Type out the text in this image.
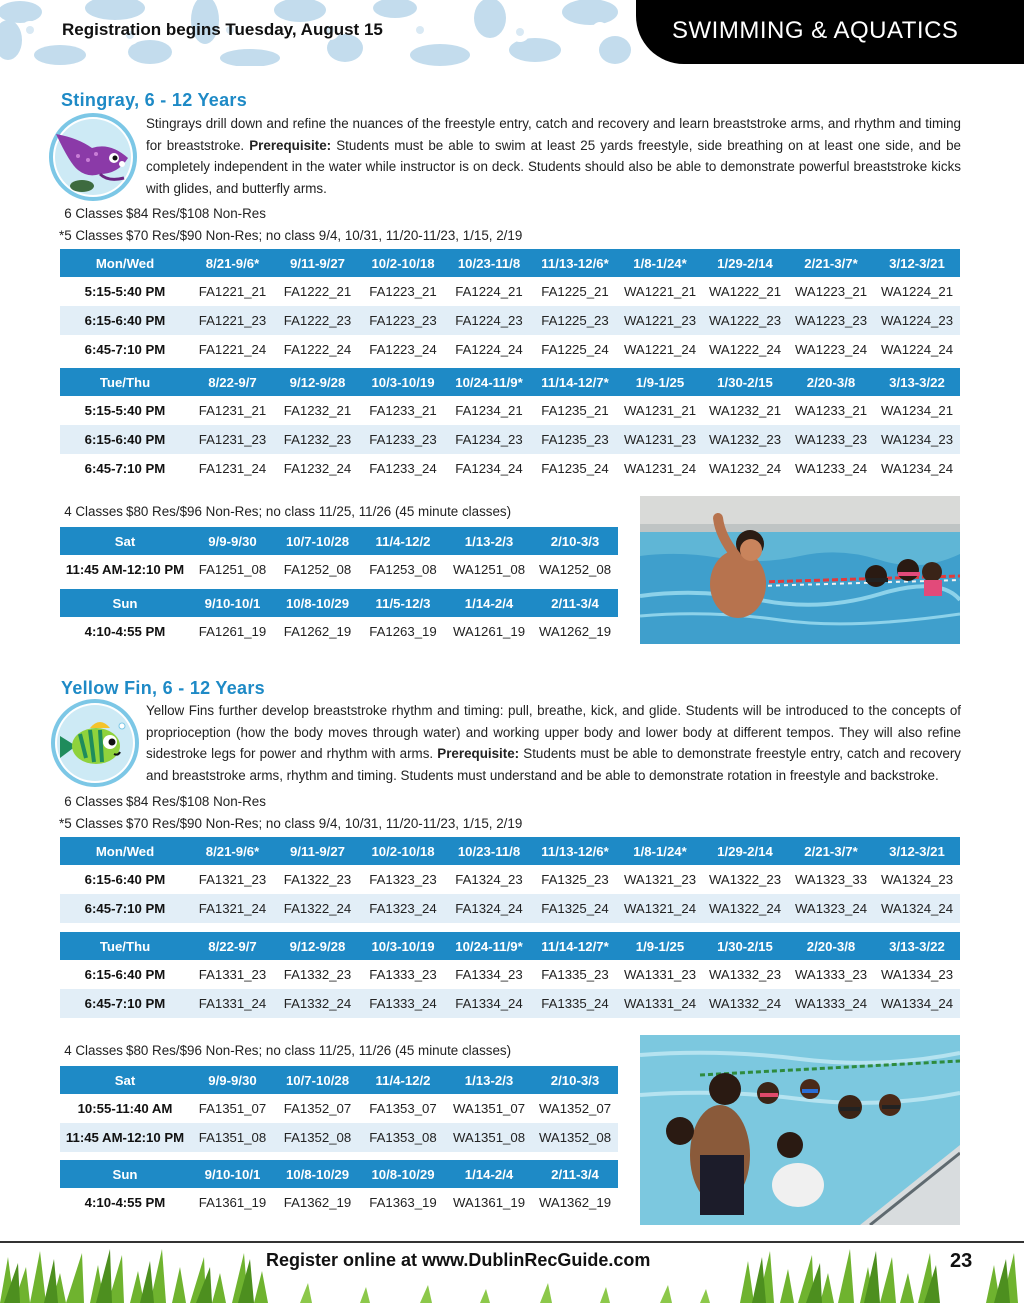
Registration begins Tuesday, August 15	SWIMMING & AQUATICS
Stingray, 6 - 12 Years

Stingrays drill down and refine the nuances of the freestyle entry, catch and recovery and learn breaststroke arms, and rhythm and timing for breaststroke. Prerequisite: Students must be able to swim at least 25 yards freestyle, side breathing on at least one side, and be completely independent in the water while instructor is on deck. Students should also be able to demonstrate powerful breaststroke kicks with glides, and butterfly arms.

6 Classes $84 Res/$108 Non-Res
*5 Classes $70 Res/$90 Non-Res; no class 9/4, 10/31, 11/20-11/23, 1/15, 2/19
Mon/Wed	8/21-9/6*	9/11-9/27	10/2-10/18	10/23-11/8	11/13-12/6*	1/8-1/24*	1/29-2/14	2/21-3/7*	3/12-3/21
5:15-5:40 PM	FA1221_21	FA1222_21	FA1223_21	FA1224_21	FA1225_21	WA1221_21	WA1222_21	WA1223_21	WA1224_21
6:15-6:40 PM	FA1221_23	FA1222_23	FA1223_23	FA1224_23	FA1225_23	WA1221_23	WA1222_23	WA1223_23	WA1224_23
6:45-7:10 PM	FA1221_24	FA1222_24	FA1223_24	FA1224_24	FA1225_24	WA1221_24	WA1222_24	WA1223_24	WA1224_24
Tue/Thu	8/22-9/7	9/12-9/28	10/3-10/19	10/24-11/9*	11/14-12/7*	1/9-1/25	1/30-2/15	2/20-3/8	3/13-3/22
5:15-5:40 PM	FA1231_21	FA1232_21	FA1233_21	FA1234_21	FA1235_21	WA1231_21	WA1232_21	WA1233_21	WA1234_21
6:15-6:40 PM	FA1231_23	FA1232_23	FA1233_23	FA1234_23	FA1235_23	WA1231_23	WA1232_23	WA1233_23	WA1234_23
6:45-7:10 PM	FA1231_24	FA1232_24	FA1233_24	FA1234_24	FA1235_24	WA1231_24	WA1232_24	WA1233_24	WA1234_24
4 Classes $80 Res/$96 Non-Res; no class 11/25, 11/26 (45 minute classes)
Sat	9/9-9/30	10/7-10/28	11/4-12/2	1/13-2/3	2/10-3/3
11:45 AM-12:10 PM	FA1251_08	FA1252_08	FA1253_08	WA1251_08	WA1252_08
Sun	9/10-10/1	10/8-10/29	11/5-12/3	1/14-2/4	2/11-3/4
4:10-4:55 PM	FA1261_19	FA1262_19	FA1263_19	WA1261_19	WA1262_19
Yellow Fin, 6 - 12 Years

Yellow Fins further develop breaststroke rhythm and timing: pull, breathe, kick, and glide. Students will be introduced to the concepts of proprioception (how the body moves through water) and working upper body and lower body at different tempos. They will also refine sidestroke legs for power and rhythm with arms. Prerequisite: Students must be able to demonstrate freestyle entry, catch and recovery and breaststroke arms, rhythm and timing. Students must understand and be able to demonstrate rotation in freestyle and backstroke.

6 Classes $84 Res/$108 Non-Res
*5 Classes $70 Res/$90 Non-Res; no class 9/4, 10/31, 11/20-11/23, 1/15, 2/19
Mon/Wed	8/21-9/6*	9/11-9/27	10/2-10/18	10/23-11/8	11/13-12/6*	1/8-1/24*	1/29-2/14	2/21-3/7*	3/12-3/21
6:15-6:40 PM	FA1321_23	FA1322_23	FA1323_23	FA1324_23	FA1325_23	WA1321_23	WA1322_23	WA1323_33	WA1324_23
6:45-7:10 PM	FA1321_24	FA1322_24	FA1323_24	FA1324_24	FA1325_24	WA1321_24	WA1322_24	WA1323_24	WA1324_24
Tue/Thu	8/22-9/7	9/12-9/28	10/3-10/19	10/24-11/9*	11/14-12/7*	1/9-1/25	1/30-2/15	2/20-3/8	3/13-3/22
6:15-6:40 PM	FA1331_23	FA1332_23	FA1333_23	FA1334_23	FA1335_23	WA1331_23	WA1332_23	WA1333_23	WA1334_23
6:45-7:10 PM	FA1331_24	FA1332_24	FA1333_24	FA1334_24	FA1335_24	WA1331_24	WA1332_24	WA1333_24	WA1334_24
4 Classes $80 Res/$96 Non-Res; no class 11/25, 11/26 (45 minute classes)
Sat	9/9-9/30	10/7-10/28	11/4-12/2	1/13-2/3	2/10-3/3
10:55-11:40 AM	FA1351_07	FA1352_07	FA1353_07	WA1351_07	WA1352_07
11:45 AM-12:10 PM	FA1351_08	FA1352_08	FA1353_08	WA1351_08	WA1352_08
Sun	9/10-10/1	10/8-10/29	10/8-10/29	1/14-2/4	2/11-3/4
4:10-4:55 PM	FA1361_19	FA1362_19	FA1363_19	WA1361_19	WA1362_19
Register online at www.DublinRecGuide.com	23
